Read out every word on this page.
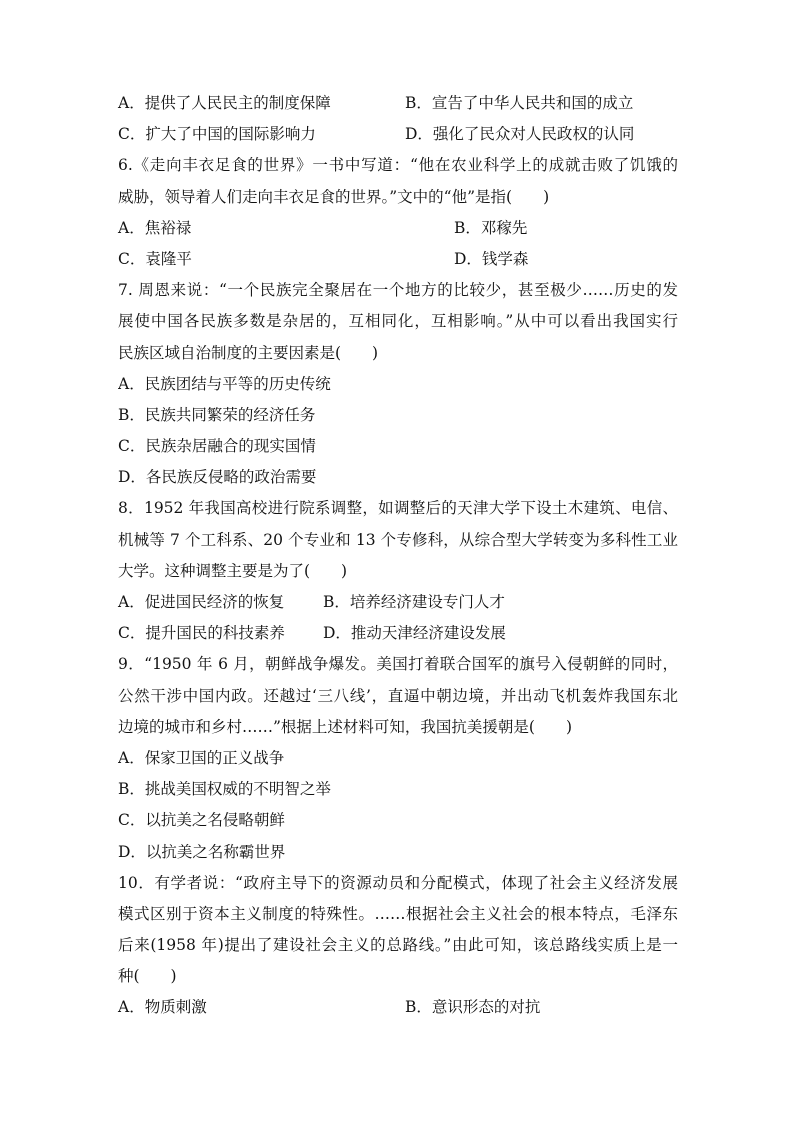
A．提供了人民民主的制度保障	B．宣告了中华人民共和国的成立
C．扩大了中国的国际影响力	D．强化了民众对人民政权的认同
6.《走向丰衣足食的世界》一书中写道：“他在农业科学上的成就击败了饥饿的
威胁，领导着人们走向丰衣足食的世界。”文中的“他”是指(　　)
A．焦裕禄	B．邓稼先
C．袁隆平	D．钱学森
7. 周恩来说：“一个民族完全聚居在一个地方的比较少，甚至极少……历史的发
展使中国各民族多数是杂居的，互相同化，互相影响。”从中可以看出我国实行
民族区域自治制度的主要因素是(　　)
A．民族团结与平等的历史传统
B．民族共同繁荣的经济任务
C．民族杂居融合的现实国情
D．各民族反侵略的政治需要
8．1952 年我国高校进行院系调整，如调整后的天津大学下设土木建筑、电信、
机械等 7 个工科系、20 个专业和 13 个专修科，从综合型大学转变为多科性工业
大学。这种调整主要是为了(　　)
A．促进国民经济的恢复	B．培养经济建设专门人才
C．提升国民的科技素养	D．推动天津经济建设发展
9．“1950 年 6 月，朝鲜战争爆发。美国打着联合国军的旗号入侵朝鲜的同时，
公然干涉中国内政。还越过‘三八线’，直逼中朝边境，并出动飞机轰炸我国东北
边境的城市和乡村……”根据上述材料可知，我国抗美援朝是(　　)
A．保家卫国的正义战争
B．挑战美国权威的不明智之举
C．以抗美之名侵略朝鲜
D．以抗美之名称霸世界
10．有学者说：“政府主导下的资源动员和分配模式，体现了社会主义经济发展
模式区别于资本主义制度的特殊性。……根据社会主义社会的根本特点，毛泽东
后来(1958 年)提出了建设社会主义的总路线。”由此可知，该总路线实质上是一
种(　　)
A．物质刺激	B．意识形态的对抗
